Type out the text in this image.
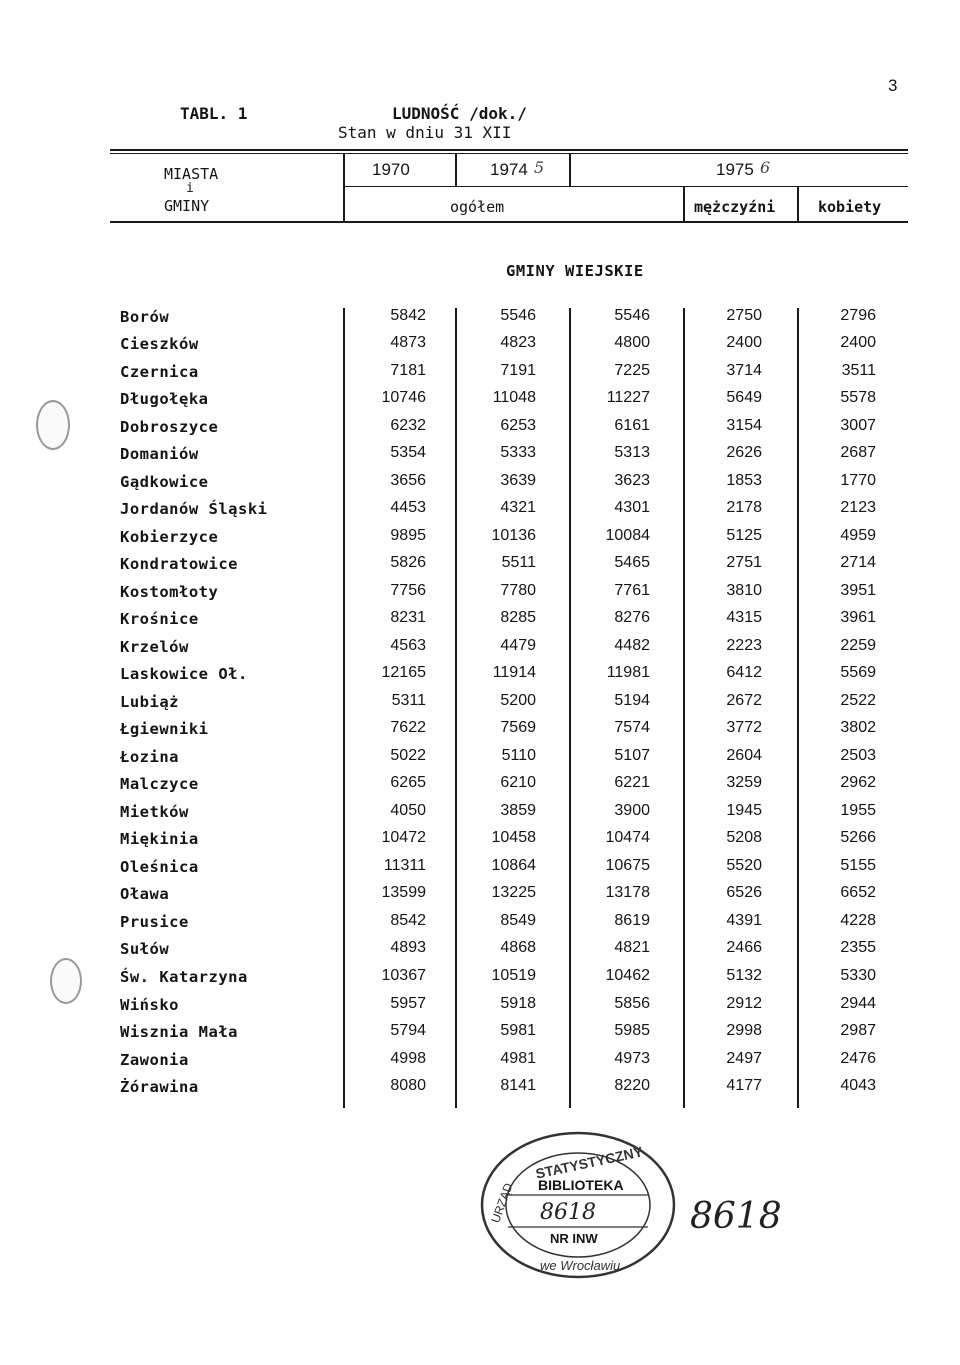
3
TABL. 1	LUDNOŚĆ /dok./
Stan w dniu 31 XII
MIASTA
i
GMINY
1970	1974 5	1975 6
ogółem	mężczyźni	kobiety
GMINY WIEJSKIE
Borów	5842	5546	5546	2750	2796
Cieszków	4873	4823	4800	2400	2400
Czernica	7181	7191	7225	3714	3511
Długołęka	10746	11048	11227	5649	5578
Dobroszyce	6232	6253	6161	3154	3007
Domaniów	5354	5333	5313	2626	2687
Gądkowice	3656	3639	3623	1853	1770
Jordanów Śląski	4453	4321	4301	2178	2123
Kobierzyce	9895	10136	10084	5125	4959
Kondratowice	5826	5511	5465	2751	2714
Kostomłoty	7756	7780	7761	3810	3951
Krośnice	8231	8285	8276	4315	3961
Krzelów	4563	4479	4482	2223	2259
Laskowice Oł.	12165	11914	11981	6412	5569
Lubiąż	5311	5200	5194	2672	2522
Łgiewniki	7622	7569	7574	3772	3802
Łozina	5022	5110	5107	2604	2503
Malczyce	6265	6210	6221	3259	2962
Mietków	4050	3859	3900	1945	1955
Miękinia	10472	10458	10474	5208	5266
Oleśnica	11311	10864	10675	5520	5155
Oława	13599	13225	13178	6526	6652
Prusice	8542	8549	8619	4391	4228
Sułów	4893	4868	4821	2466	2355
Św. Katarzyna	10367	10519	10462	5132	5330
Wińsko	5957	5918	5856	2912	2944
Wisznia Mała	5794	5981	5985	2998	2987
Zawonia	4998	4981	4973	2497	2476
Żórawina	8080	8141	8220	4177	4043
STATYSTYCZNY
URZĄD
we Wrocławiu
BIBLIOTEKA
8618
NR INW
8618
